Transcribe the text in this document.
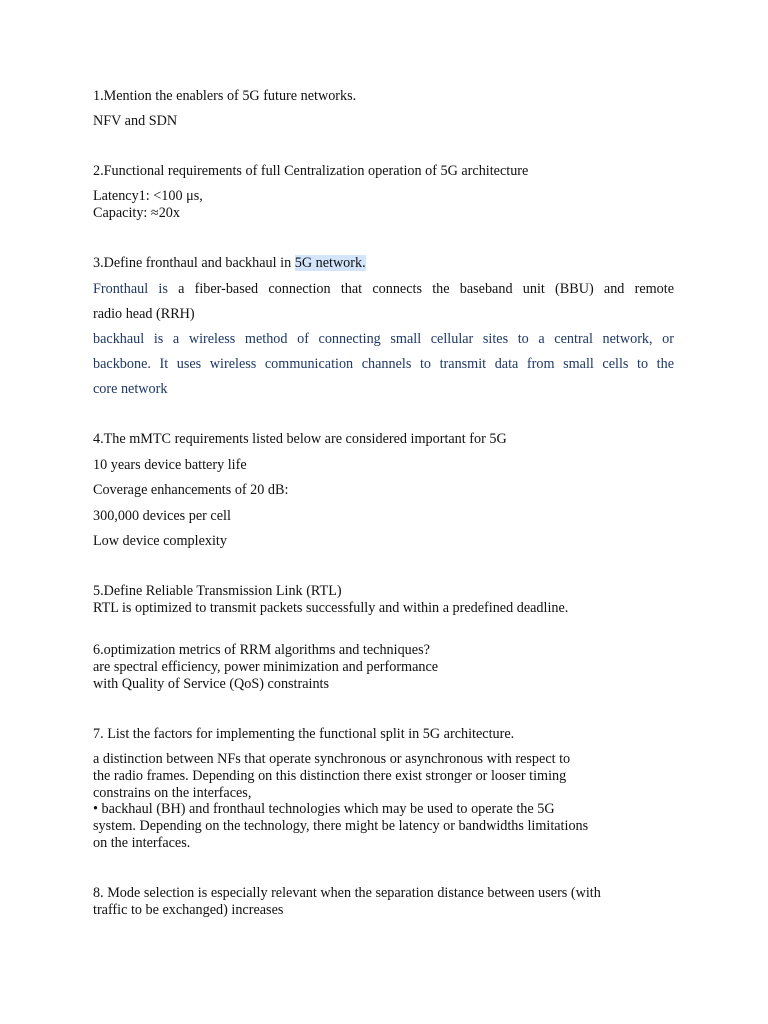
1.Mention the enablers of 5G future networks.
NFV and SDN
2.Functional requirements of full Centralization operation of 5G architecture
Latency1: <100 μs,
Capacity: ≈20x
3.Define fronthaul and backhaul in 5G network.
Fronthaul is a fiber-based connection that connects the baseband unit (BBU) and remote
radio head (RRH)
backhaul is a wireless method of connecting small cellular sites to a central network, or
backbone. It uses wireless communication channels to transmit data from small cells to the
core network
4.The mMTC requirements listed below are considered important for 5G
10 years device battery life
Coverage enhancements of 20 dB:
300,000 devices per cell
Low device complexity
5.Define Reliable Transmission Link (RTL)
RTL is optimized to transmit packets successfully and within a predefined deadline.
6.optimization metrics of RRM algorithms and techniques?
are spectral efficiency, power minimization and performance
with Quality of Service (QoS) constraints
7. List the factors for implementing the functional split in 5G architecture.
a distinction between NFs that operate synchronous or asynchronous with respect to
the radio frames. Depending on this distinction there exist stronger or looser timing
constrains on the interfaces,
• backhaul (BH) and fronthaul technologies which may be used to operate the 5G
system. Depending on the technology, there might be latency or bandwidths limitations
on the interfaces.
8. Mode selection is especially relevant when the separation distance between users (with
traffic to be exchanged) increases
